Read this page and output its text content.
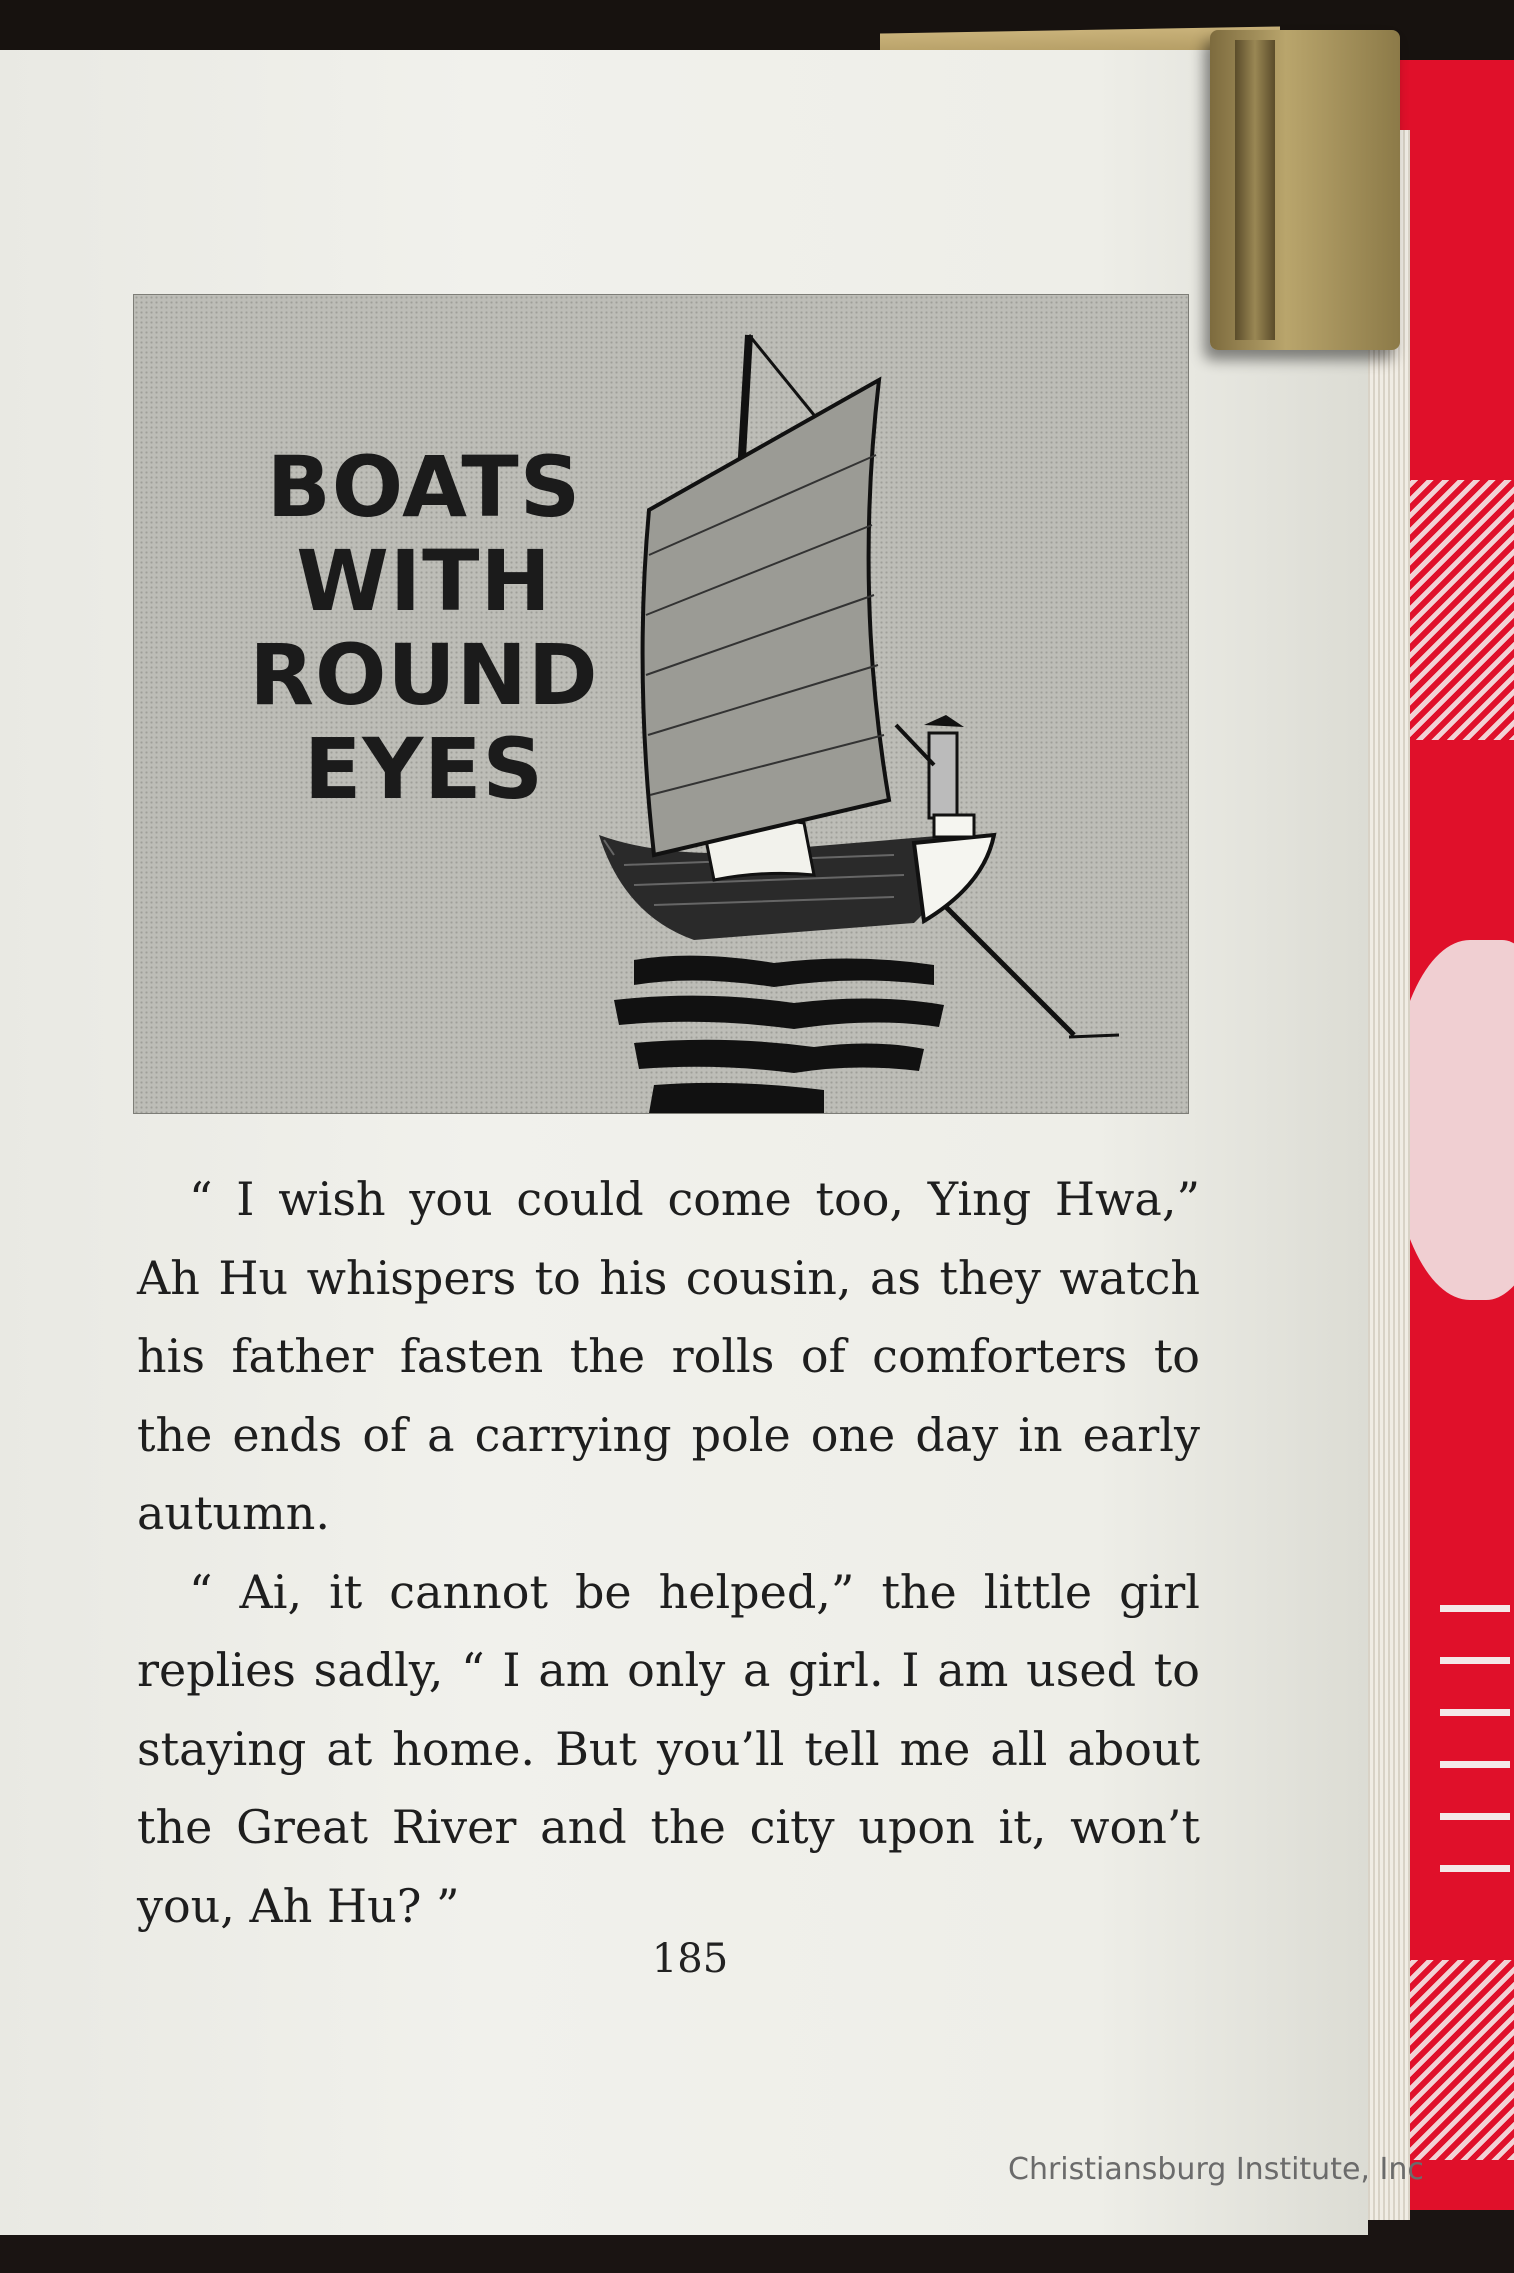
BOATS
WITH
ROUND
EYES

“ I wish you could come too, Ying Hwa,” Ah Hu whispers to his cousin, as they watch his father fasten the rolls of comforters to the ends of a carrying pole one day in early autumn.

“ Ai, it cannot be helped,” the little girl replies sadly, “ I am only a girl. I am used to staying at home. But you’ll tell me all about the Great River and the city upon it, won’t you, Ah Hu? ”

185
Christiansburg Institute, Inc
